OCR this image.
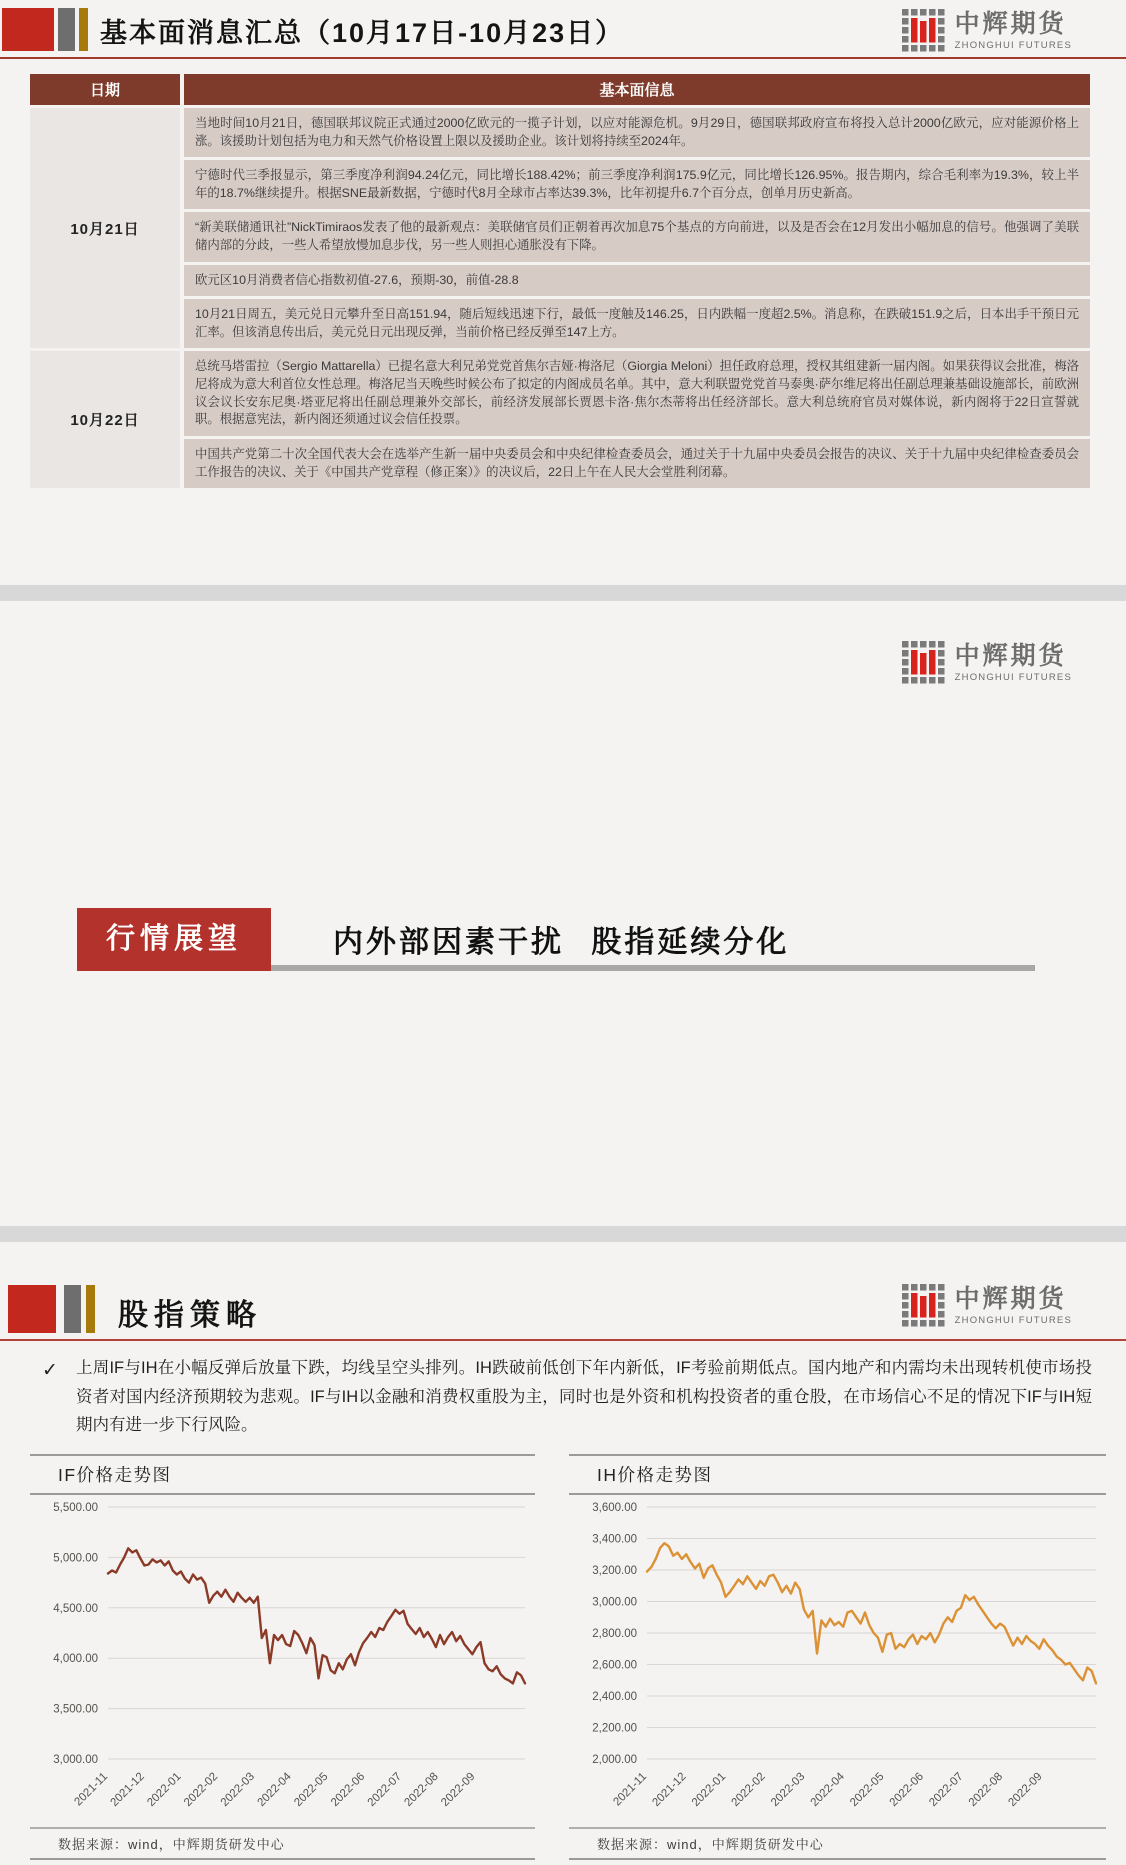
基本面消息汇总（10月17日-10月23日）	中辉期货
ZHONGHUI FUTURES
日期	基本面信息
10月21日	当地时间10月21日，德国联邦议院正式通过2000亿欧元的一揽子计划，以应对能源危机。9月29日，德国联邦政府宣布将投入总计2000亿欧元，应对能源价格上涨。该援助计划包括为电力和天然气价格设置上限以及援助企业。该计划将持续至2024年。
	宁德时代三季报显示，第三季度净利润94.24亿元，同比增长188.42%；前三季度净利润175.9亿元，同比增长126.95%。报告期内，综合毛利率为19.3%，较上半年的18.7%继续提升。根据SNE最新数据，宁德时代8月全球市占率达39.3%，比年初提升6.7个百分点，创单月历史新高。
	“新美联储通讯社”NickTimiraos发表了他的最新观点：美联储官员们正朝着再次加息75个基点的方向前进，以及是否会在12月发出小幅加息的信号。他强调了美联储内部的分歧，一些人希望放慢加息步伐，另一些人则担心通胀没有下降。
	欧元区10月消费者信心指数初值-27.6，预期-30，前值-28.8
	10月21日周五，美元兑日元攀升至日高151.94，随后短线迅速下行，最低一度触及146.25，日内跌幅一度超2.5%。消息称，在跌破151.9之后，日本出手干预日元汇率。但该消息传出后，美元兑日元出现反弹，当前价格已经反弹至147上方。
10月22日	总统马塔雷拉（Sergio Mattarella）已提名意大利兄弟党党首焦尔吉娅·梅洛尼（Giorgia Meloni）担任政府总理，授权其组建新一届内阁。如果获得议会批准，梅洛尼将成为意大利首位女性总理。梅洛尼当天晚些时候公布了拟定的内阁成员名单。其中，意大利联盟党党首马泰奥·萨尔维尼将出任副总理兼基础设施部长，前欧洲议会议长安东尼奥·塔亚尼将出任副总理兼外交部长，前经济发展部长贾恩卡洛·焦尔杰蒂将出任经济部长。意大利总统府官员对媒体说，新内阁将于22日宣誓就职。根据意宪法，新内阁还须通过议会信任投票。
	中国共产党第二十次全国代表大会在选举产生新一届中央委员会和中央纪律检查委员会，通过关于十九届中央委员会报告的决议、关于十九届中央纪律检查委员会工作报告的决议、关于《中国共产党章程（修正案）》的决议后，22日上午在人民大会堂胜利闭幕。
中辉期货
ZHONGHUI FUTURES
行情展望	内外部因素干扰 股指延续分化
股指策略	中辉期货
ZHONGHUI FUTURES

✓ 上周IF与IH在小幅反弹后放量下跌，均线呈空头排列。IH跌破前低创下年内新低，IF考验前期低点。国内地产和内需均未出现转机使市场投资者对国内经济预期较为悲观。IF与IH以金融和消费权重股为主，同时也是外资和机构投资者的重仓股，在市场信心不足的情况下IF与IH短期内有进一步下行风险。

IF价格走势图
3,000.00
3,500.00
4,000.00
4,500.00
5,000.00
5,500.00
2021-11
2021-12
2022-01
2022-02
2022-03
2022-04
2022-05
2022-06
2022-07
2022-08
2022-09
数据来源：wind，中辉期货研发中心
IH价格走势图
2,000.00
2,200.00
2,400.00
2,600.00
2,800.00
3,000.00
3,200.00
3,400.00
3,600.00
2021-11 2021-12 2022-01 2022-02 2022-03 2022-04 2022-05 2022-06 2022-07 2022-08 2022-09
数据来源：wind，中辉期货研发中心
